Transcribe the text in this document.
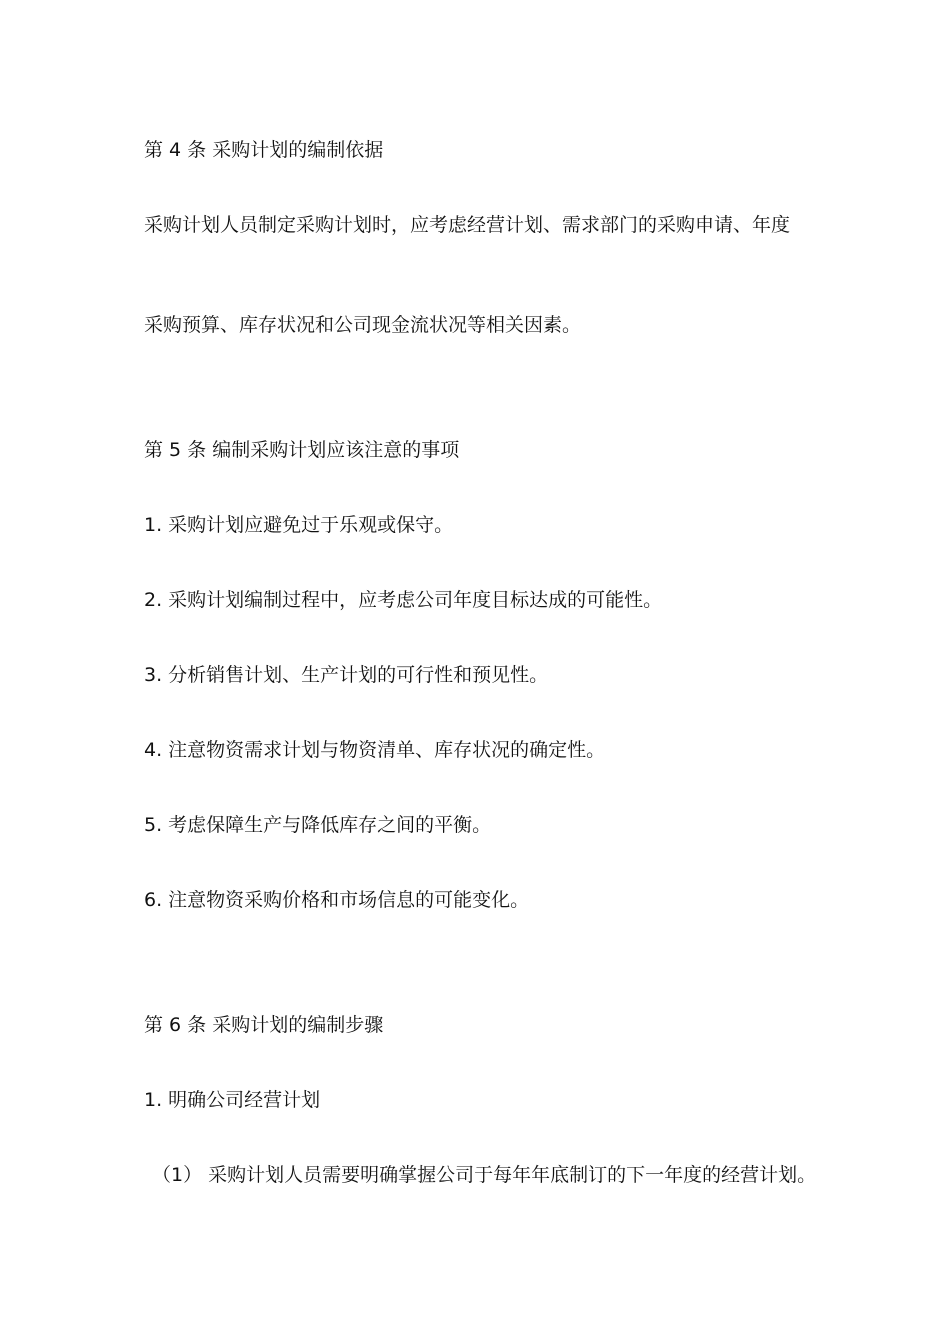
第 4 条 采购计划的编制依据
采购计划人员制定采购计划时，应考虑经营计划、需求部门的采购申请、年度
采购预算、库存状况和公司现金流状况等相关因素。
第 5 条 编制采购计划应该注意的事项
1. 采购计划应避免过于乐观或保守。
2. 采购计划编制过程中，应考虑公司年度目标达成的可能性。
3. 分析销售计划、生产计划的可行性和预见性。
4. 注意物资需求计划与物资清单、库存状况的确定性。
5. 考虑保障生产与降低库存之间的平衡。
6. 注意物资采购价格和市场信息的可能变化。
第 6 条 采购计划的编制步骤
1. 明确公司经营计划
（1） 采购计划人员需要明确掌握公司于每年年底制订的下一年度的经营计划。
